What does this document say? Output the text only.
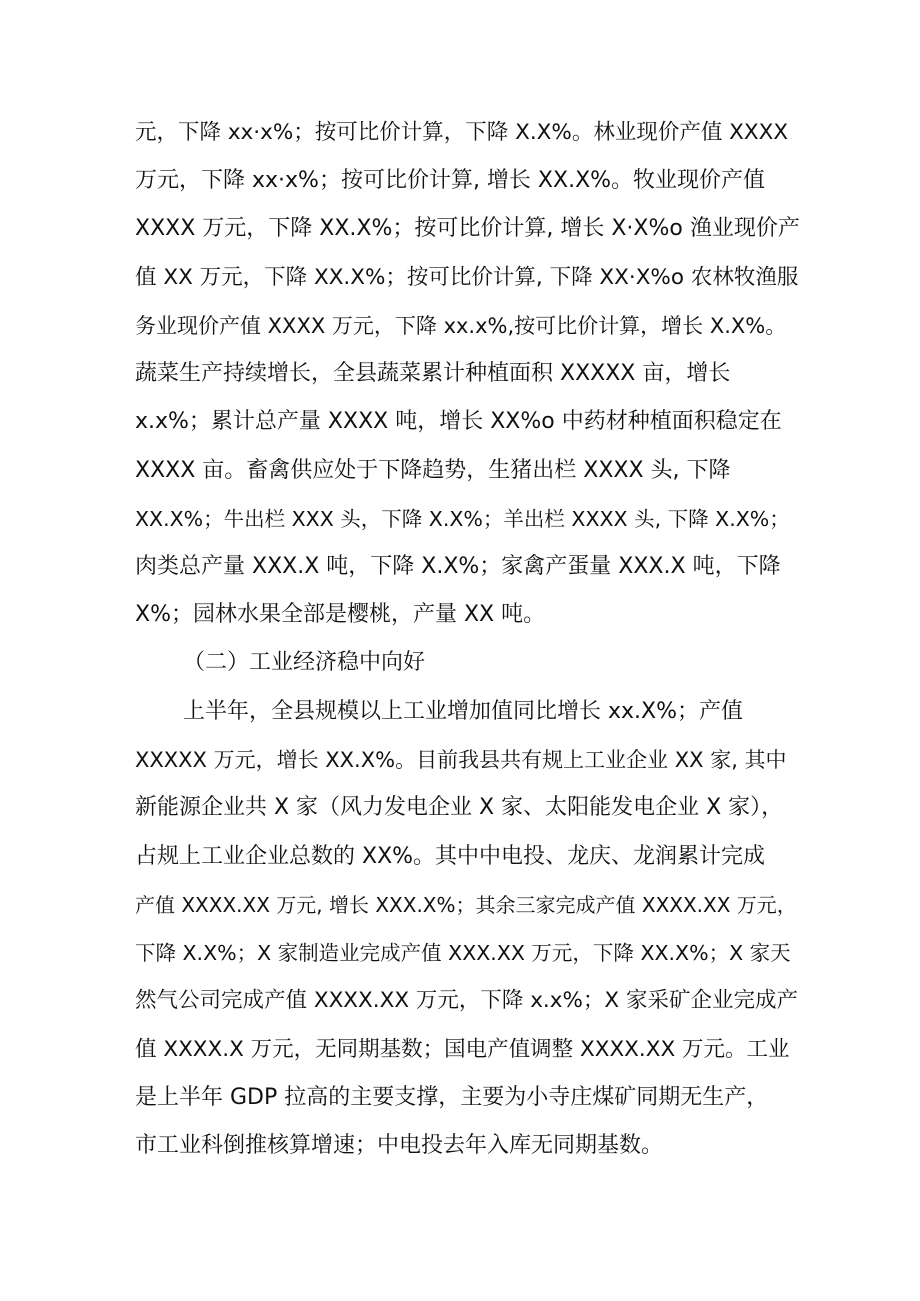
元，下降 xx·x%；按可比价计算，下降 X.X%。林业现价产值 XXXX
万元，下降 xx·x%；按可比价计算, 增长 XX.X%。牧业现价产值
XXXX 万元，下降 XX.X%；按可比价计算, 增长 X·X%o 渔业现价产
值 XX 万元，下降 XX.X%；按可比价计算, 下降 XX·X%o 农林牧渔服
务业现价产值 XXXX 万元，下降 xx.x%,按可比价计算，增长 X.X%。
蔬菜生产持续增长，全县蔬菜累计种植面积 XXXXX 亩，增长
x.x%；累计总产量 XXXX 吨，增长 XX%o 中药材种植面积稳定在
XXXX 亩。畜禽供应处于下降趋势，生猪出栏 XXXX 头, 下降
XX.X%；牛出栏 XXX 头，下降 X.X%；羊出栏 XXXX 头, 下降 X.X%；
肉类总产量 XXX.X 吨，下降 X.X%；家禽产蛋量 XXX.X 吨，下降
X%；园林水果全部是樱桃，产量 XX 吨。
（二）工业经济稳中向好
上半年，全县规模以上工业增加值同比增长 xx.X%；产值
XXXXX 万元，增长 XX.X%。目前我县共有规上工业企业 XX 家, 其中
新能源企业共 X 家（风力发电企业 X 家、太阳能发电企业 X 家），
占规上工业企业总数的 XX%。其中中电投、龙庆、龙润累计完成
产值 XXXX.XX 万元, 增长 XXX.X%；其余三家完成产值 XXXX.XX 万元，
下降 X.X%；X 家制造业完成产值 XXX.XX 万元，下降 XX.X%；X 家天
然气公司完成产值 XXXX.XX 万元，下降 x.x%；X 家采矿企业完成产
值 XXXX.X 万元，无同期基数；国电产值调整 XXXX.XX 万元。工业
是上半年 GDP 拉高的主要支撑，主要为小寺庄煤矿同期无生产，
市工业科倒推核算增速；中电投去年入库无同期基数。
